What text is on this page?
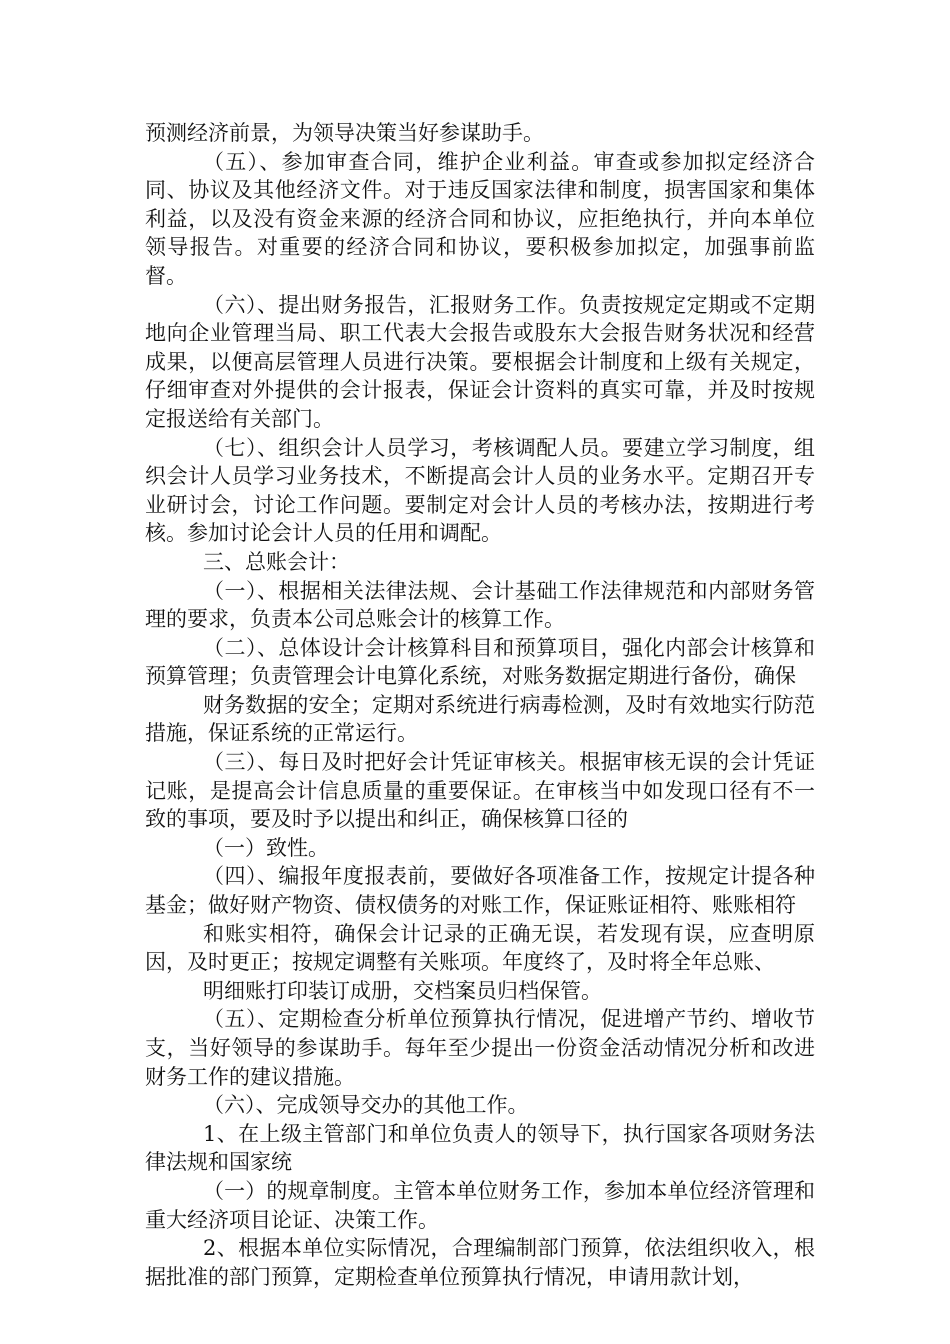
预测经济前景，为领导决策当好参谋助手。

（五）、参加审查合同，维护企业利益。审查或参加拟定经济合同、协议及其他经济文件。对于违反国家法律和制度，损害国家和集体利益，以及没有资金来源的经济合同和协议，应拒绝执行，并向本单位领导报告。对重要的经济合同和协议，要积极参加拟定，加强事前监督。

（六）、提出财务报告，汇报财务工作。负责按规定定期或不定期地向企业管理当局、职工代表大会报告或股东大会报告财务状况和经营成果，以便高层管理人员进行决策。要根据会计制度和上级有关规定，仔细审查对外提供的会计报表，保证会计资料的真实可靠，并及时按规定报送给有关部门。

（七）、组织会计人员学习，考核调配人员。要建立学习制度，组织会计人员学习业务技术，不断提高会计人员的业务水平。定期召开专业研讨会，讨论工作问题。要制定对会计人员的考核办法，按期进行考核。参加讨论会计人员的任用和调配。

三、总账会计：

（一）、根据相关法律法规、会计基础工作法律规范和内部财务管理的要求，负责本公司总账会计的核算工作。

（二）、总体设计会计核算科目和预算项目，强化内部会计核算和预算管理；负责管理会计电算化系统，对账务数据定期进行备份，确保

财务数据的安全；定期对系统进行病毒检测，及时有效地实行防范措施，保证系统的正常运行。

（三）、每日及时把好会计凭证审核关。根据审核无误的会计凭证记账，是提高会计信息质量的重要保证。在审核当中如发现口径有不一致的事项，要及时予以提出和纠正，确保核算口径的

（一）致性。

（四）、编报年度报表前，要做好各项准备工作，按规定计提各种基金；做好财产物资、债权债务的对账工作，保证账证相符、账账相符

和账实相符，确保会计记录的正确无误，若发现有误，应查明原因，及时更正；按规定调整有关账项。年度终了，及时将全年总账、

明细账打印装订成册，交档案员归档保管。

（五）、定期检查分析单位预算执行情况，促进增产节约、增收节支，当好领导的参谋助手。每年至少提出一份资金活动情况分析和改进财务工作的建议措施。

（六）、完成领导交办的其他工作。

1、在上级主管部门和单位负责人的领导下，执行国家各项财务法律法规和国家统

（一）的规章制度。主管本单位财务工作，参加本单位经济管理和重大经济项目论证、决策工作。

2、根据本单位实际情况，合理编制部门预算，依法组织收入，根据批准的部门预算，定期检查单位预算执行情况，申请用款计划，
